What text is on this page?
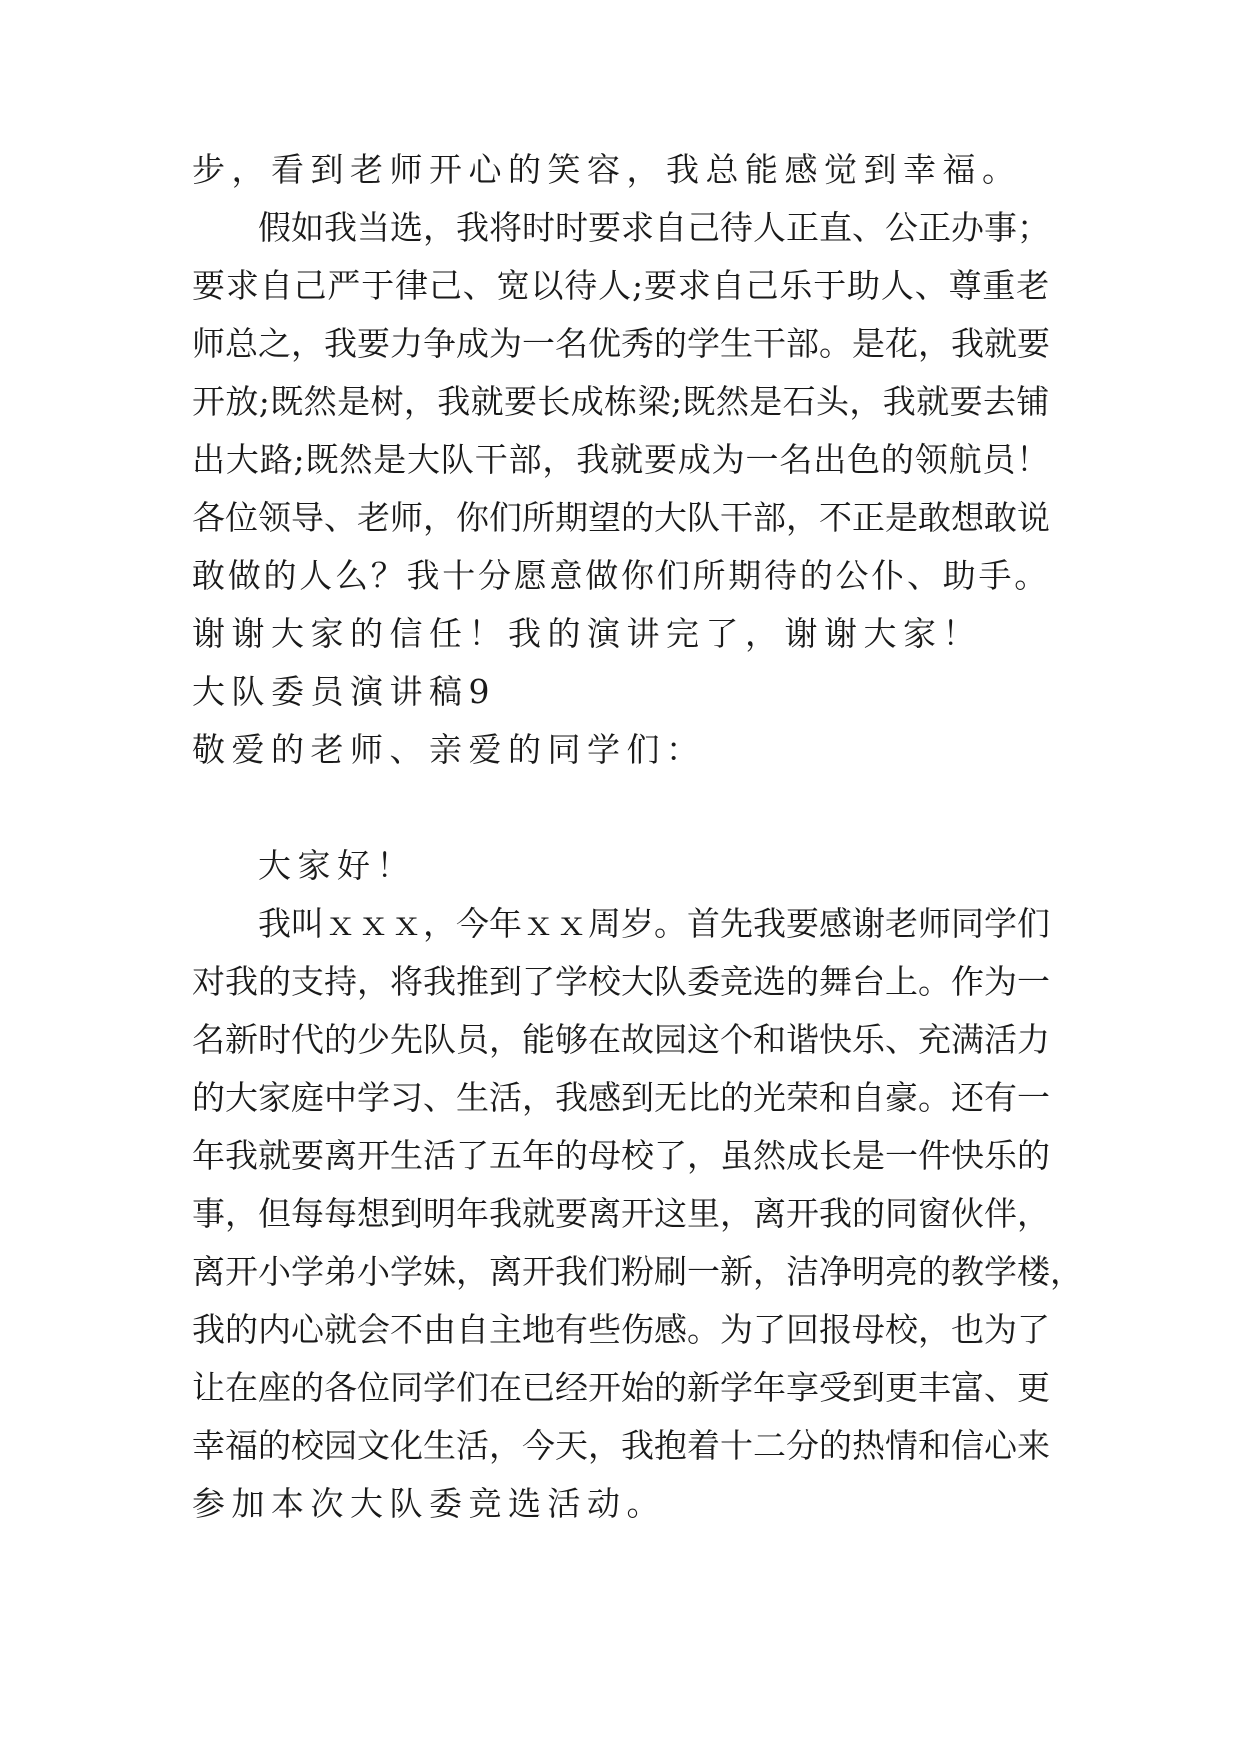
步，看到老师开心的笑容，我总能感觉到幸福。
假如我当选，我将时时要求自己待人正直、公正办事；
要求自己严于律己、宽以待人;要求自己乐于助人、尊重老
师总之，我要力争成为一名优秀的学生干部。是花，我就要
开放;既然是树，我就要长成栋梁;既然是石头，我就要去铺
出大路;既然是大队干部，我就要成为一名出色的领航员！
各位领导、老师，你们所期望的大队干部，不正是敢想敢说
敢做的人么？我十分愿意做你们所期待的公仆、助手。
谢谢大家的信任！我的演讲完了，谢谢大家！
大队委员演讲稿9
敬爱的老师、亲爱的同学们：
大家好！
我叫ｘｘｘ，今年ｘｘ周岁。首先我要感谢老师同学们
对我的支持，将我推到了学校大队委竞选的舞台上。作为一
名新时代的少先队员，能够在故园这个和谐快乐、充满活力
的大家庭中学习、生活，我感到无比的光荣和自豪。还有一
年我就要离开生活了五年的母校了，虽然成长是一件快乐的
事，但每每想到明年我就要离开这里，离开我的同窗伙伴，
离开小学弟小学妹，离开我们粉刷一新，洁净明亮的教学楼，
我的内心就会不由自主地有些伤感。为了回报母校，也为了
让在座的各位同学们在已经开始的新学年享受到更丰富、更
幸福的校园文化生活，今天，我抱着十二分的热情和信心来
参加本次大队委竞选活动。
